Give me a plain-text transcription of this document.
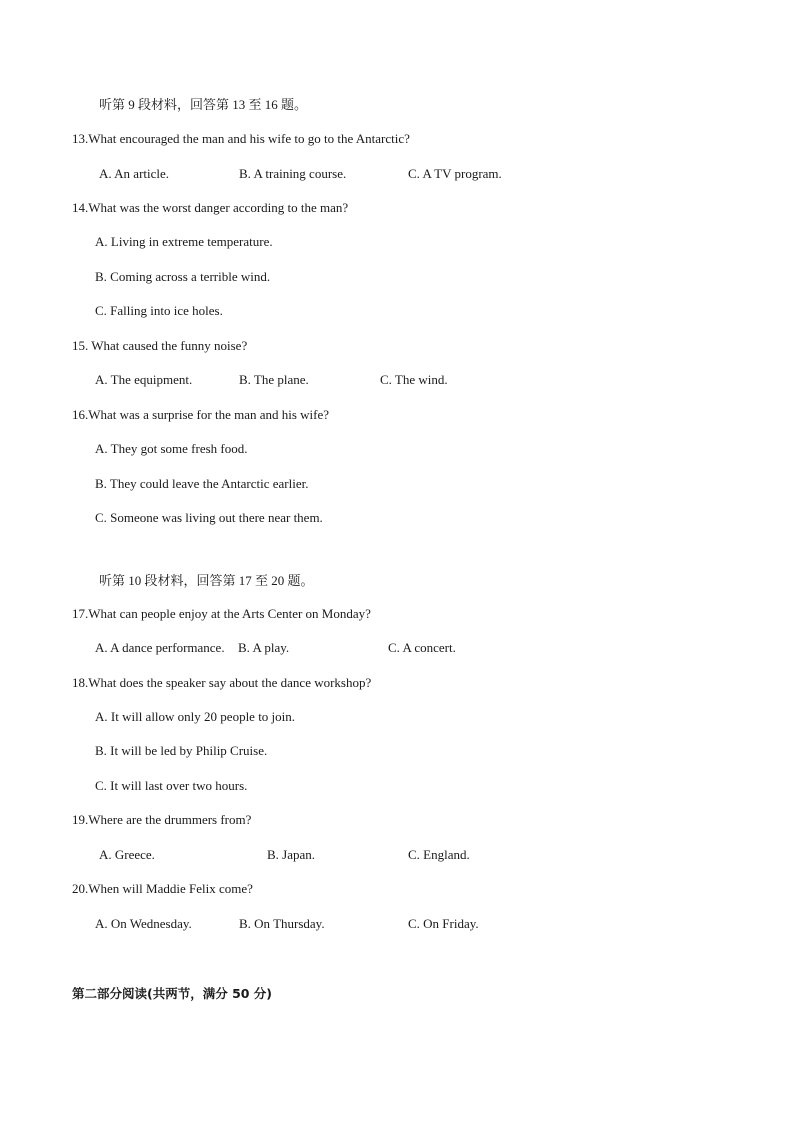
听第 9 段材料，回答第 13 至 16 题。
13.What encouraged the man and his wife to go to the Antarctic?
A. An article.	B. A training course.	C. A TV program.
14.What was the worst danger according to the man?
A. Living in extreme temperature.
B. Coming across a terrible wind.
C. Falling into ice holes.
15. What caused the funny noise?
A. The equipment.	B. The plane.	C. The wind.
16.What was a surprise for the man and his wife?
A. They got some fresh food.
B. They could leave the Antarctic earlier.
C. Someone was living out there near them.
听第 10 段材料，回答第 17 至 20 题。
17.What can people enjoy at the Arts Center on Monday?
A. A dance performance. B. A play.	C. A concert.
18.What does the speaker say about the dance workshop?
A. It will allow only 20 people to join.
B. It will be led by Philip Cruise.
C. It will last over two hours.
19.Where are the drummers from?
A. Greece.	B. Japan.	C. England.
20.When will Maddie Felix come?
A. On Wednesday.	B. On Thursday.	C. On Friday.
第二部分阅读(共两节，满分 50 分)
